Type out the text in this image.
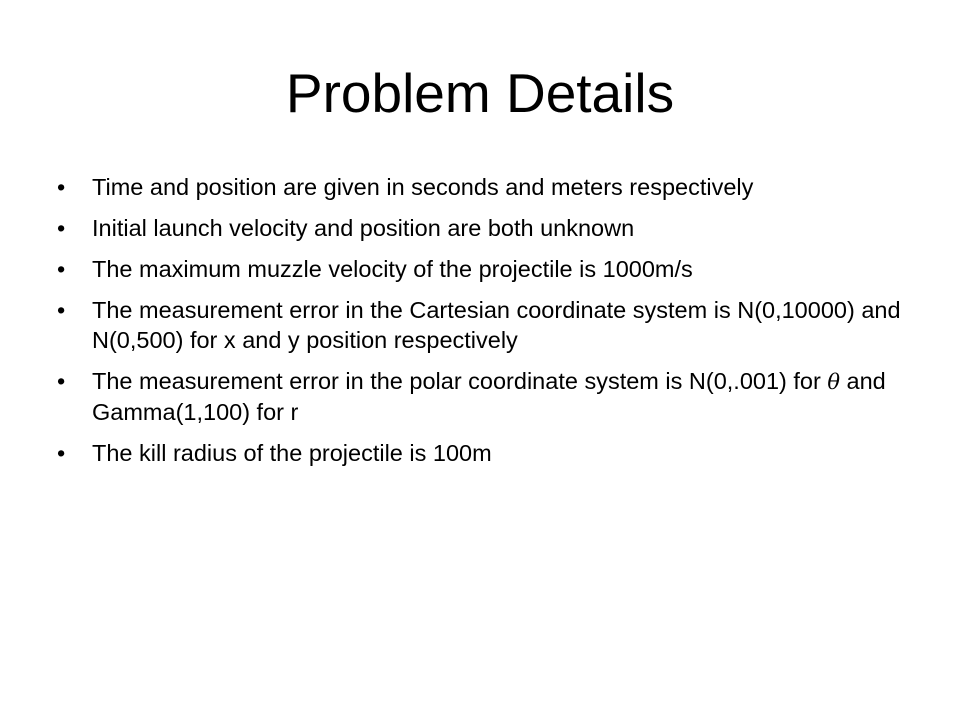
Problem Details
•	Time and position are given in seconds and meters respectively
•	Initial launch velocity and position are both unknown
•	The maximum muzzle velocity of the projectile is 1000m/s
•	The measurement error in the Cartesian coordinate system is N(0,10000) and N(0,500) for x and y position respectively
•	The measurement error in the polar coordinate system is N(0,.001) for θ and Gamma(1,100) for r
•	The kill radius of the projectile is 100m
